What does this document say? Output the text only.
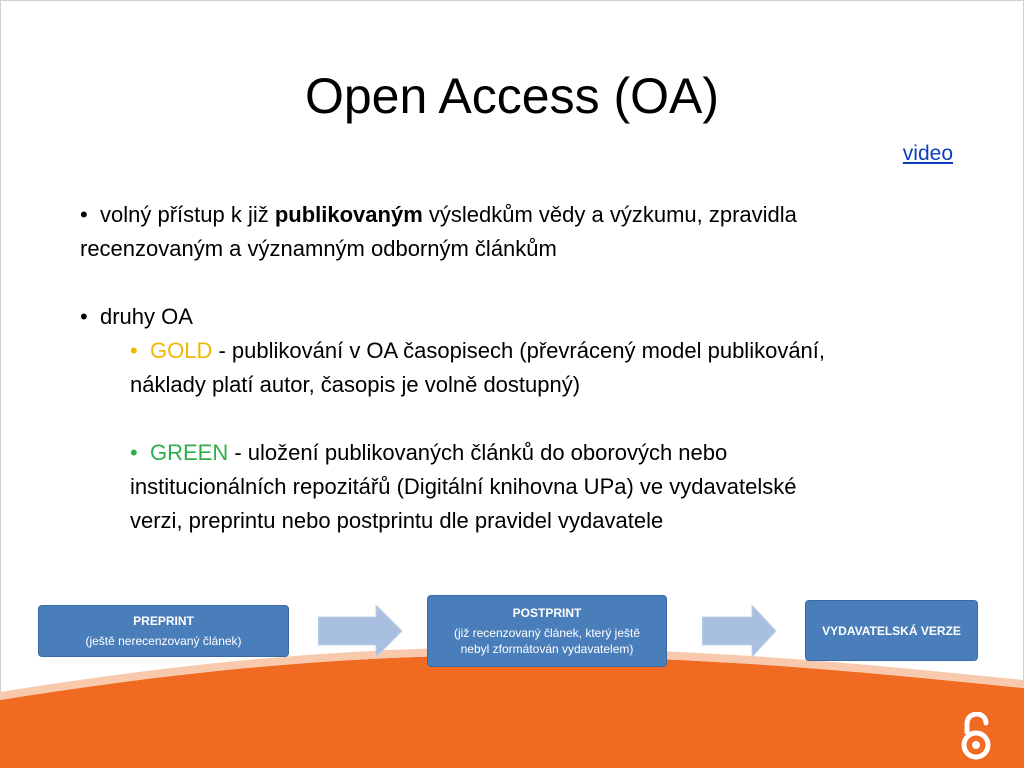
Open Access (OA)
video
• volný přístup k již publikovaným výsledkům vědy a výzkumu, zpravidla
recenzovaným a významným odborným článkům
• druhy OA
• GOLD - publikování v OA časopisech (převrácený model publikování,
náklady platí autor, časopis je volně dostupný)
• GREEN - uložení publikovaných článků do oborových nebo
institucionálních repozitářů (Digitální knihovna UPa) ve vydavatelské
verzi, preprintu nebo postprintu dle pravidel vydavatele
PREPRINT
(ještě nerecenzovaný článek)
POSTPRINT
(již recenzovaný článek, který ještě
nebyl zformátován vydavatelem)
VYDAVATELSKÁ VERZE
